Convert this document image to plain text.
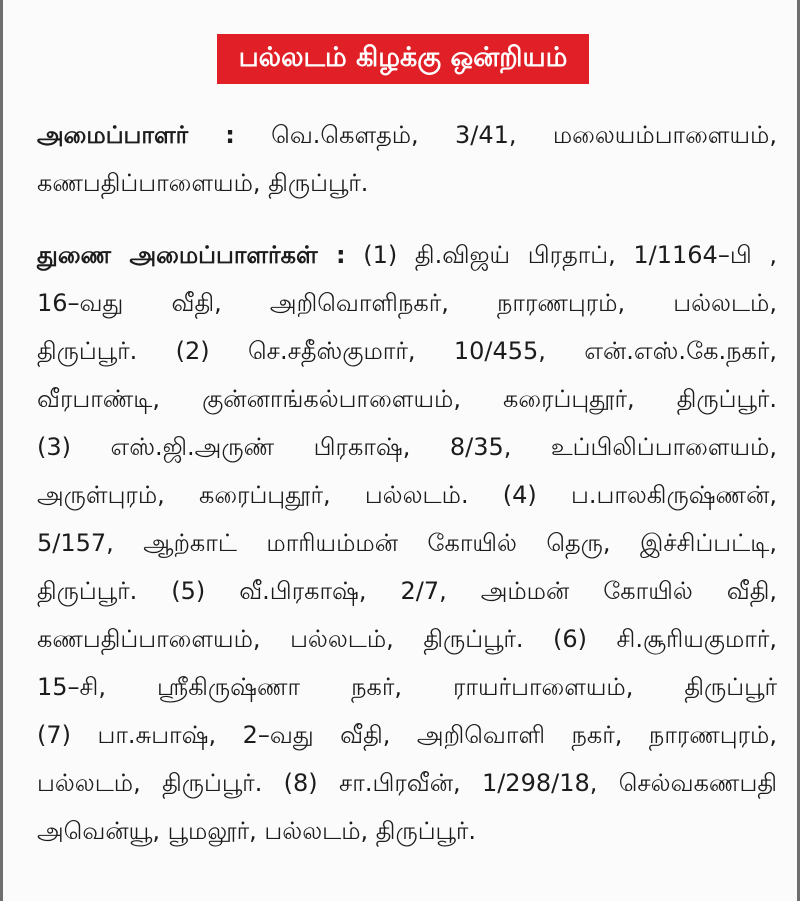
பல்லடம் கிழக்கு ஒன்றியம்
அமைப்பாளர் : வெ.கௌதம், 3/41, மலையம்பாளையம்,
கணபதிப்பாளையம், திருப்பூர்.
துணை அமைப்பாளர்கள் : (1) தி.விஜய் பிரதாப், 1/1164–பி ,
16–வது வீதி, அறிவொளிநகர், நாரணபுரம், பல்லடம்,
திருப்பூர். (2) செ.சதீஸ்குமார், 10/455, என்.எஸ்.கே.நகர்,
வீரபாண்டி, குன்னாங்கல்பாளையம், கரைப்புதூர், திருப்பூர்.
(3) எஸ்.ஜி.அருண் பிரகாஷ், 8/35, உப்பிலிப்பாளையம்,
அருள்புரம், கரைப்புதூர், பல்லடம். (4) ப.பாலகிருஷ்ணன்,
5/157, ஆற்காட் மாரியம்மன் கோயில் தெரு, இச்சிப்பட்டி,
திருப்பூர். (5) வீ.பிரகாஷ், 2/7, அம்மன் கோயில் வீதி,
கணபதிப்பாளையம், பல்லடம், திருப்பூர். (6) சி.சூரியகுமார்,
15–சி, ஸ்ரீகிருஷ்ணா நகர், ராயர்பாளையம், திருப்பூர்
(7) பா.சுபாஷ், 2–வது வீதி, அறிவொளி நகர், நாரணபுரம்,
பல்லடம், திருப்பூர். (8) சா.பிரவீன், 1/298/18, செல்வகணபதி
அவென்யூ, பூமலூர், பல்லடம், திருப்பூர்.
